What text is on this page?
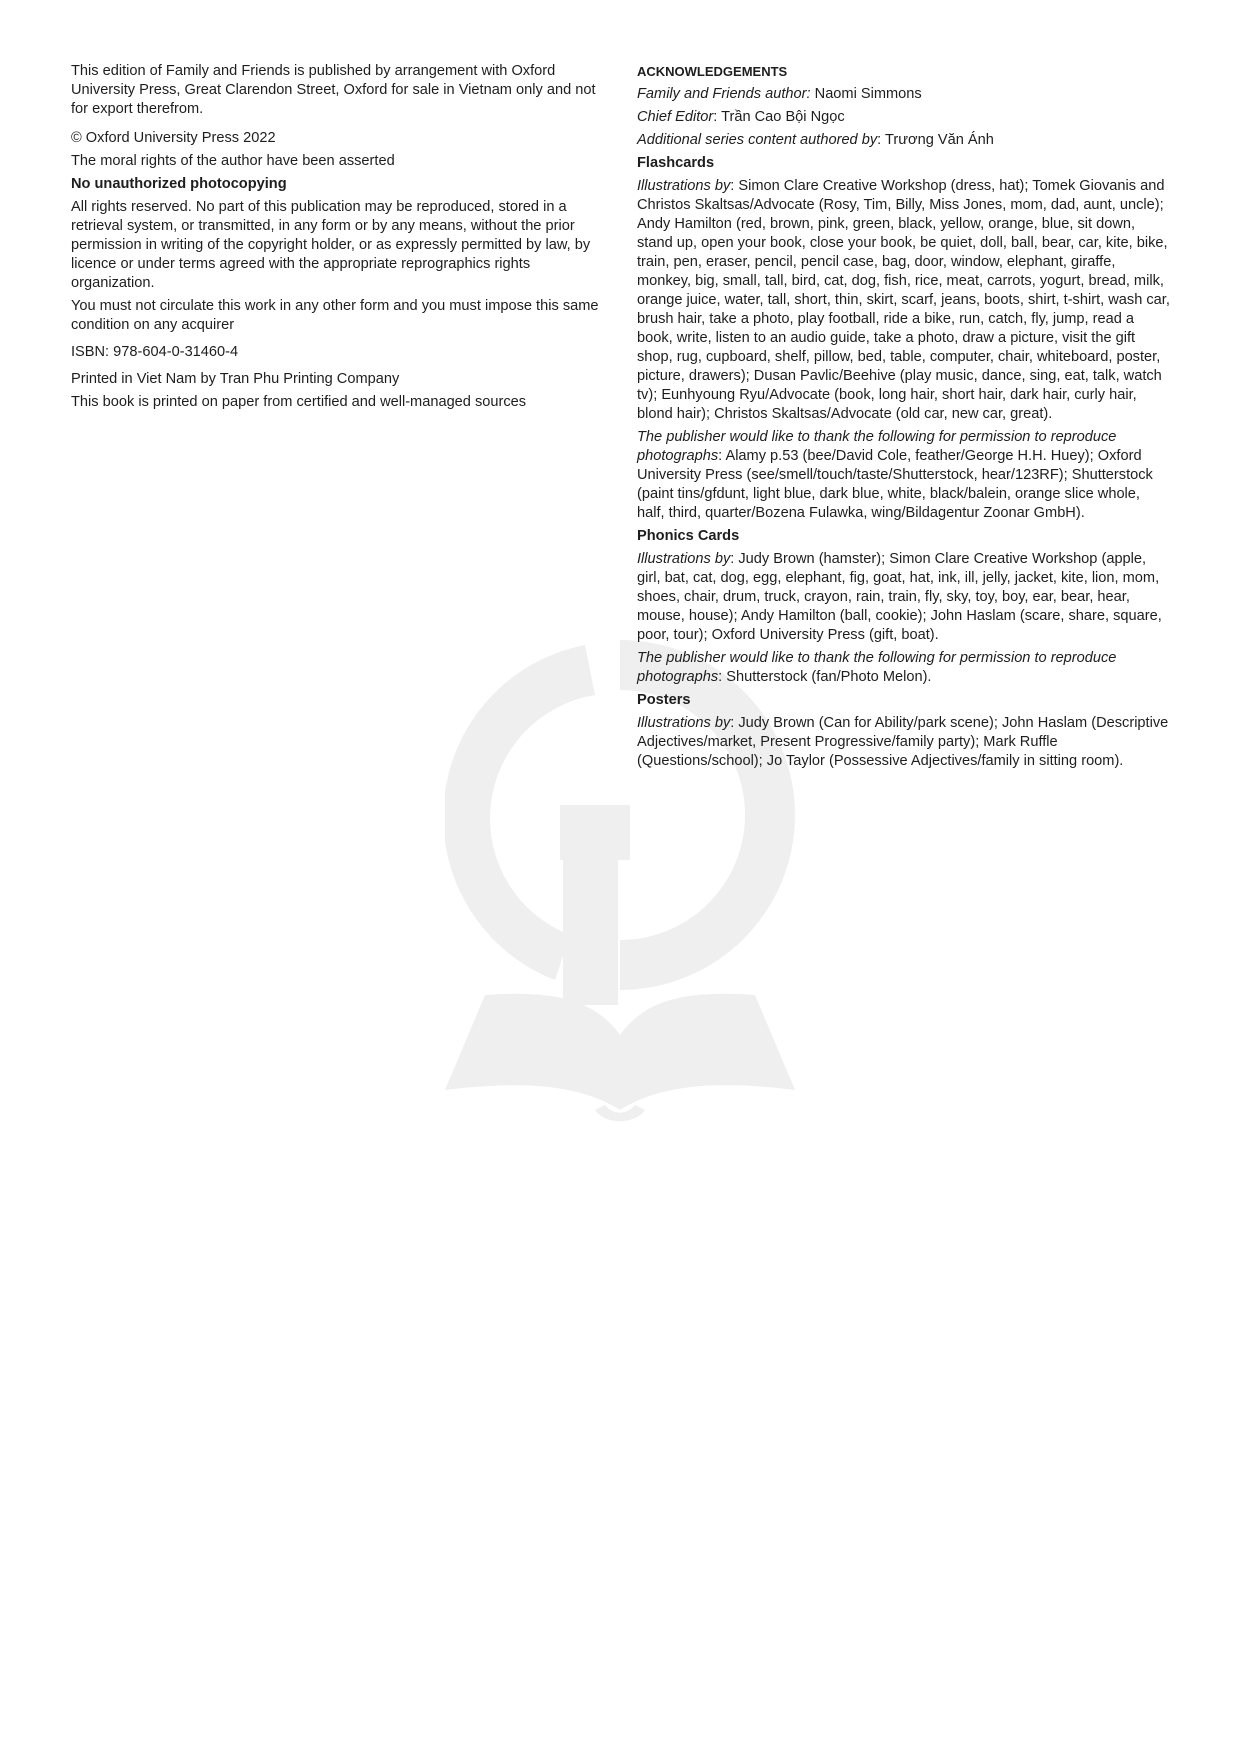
This edition of Family and Friends is published by arrangement with Oxford University Press, Great Clarendon Street, Oxford for sale in Vietnam only and not for export therefrom.

© Oxford University Press 2022

The moral rights of the author have been asserted

No unauthorized photocopying

All rights reserved. No part of this publication may be reproduced, stored in a retrieval system, or transmitted, in any form or by any means, without the prior permission in writing of the copyright holder, or as expressly permitted by law, by licence or under terms agreed with the appropriate reprographics rights organization.

You must not circulate this work in any other form and you must impose this same condition on any acquirer

ISBN: 978-604-0-31460-4

Printed in Viet Nam by Tran Phu Printing Company

This book is printed on paper from certified and well-managed sources

ACKNOWLEDGEMENTS

Family and Friends author: Naomi Simmons

Chief Editor: Trần Cao Bội Ngọc

Additional series content authored by: Trương Văn Ánh

Flashcards

Illustrations by: Simon Clare Creative Workshop (dress, hat); Tomek Giovanis and Christos Skaltsas/Advocate (Rosy, Tim, Billy, Miss Jones, mom, dad, aunt, uncle); Andy Hamilton (red, brown, pink, green, black, yellow, orange, blue, sit down, stand up, open your book, close your book, be quiet, doll, ball, bear, car, kite, bike, train, pen, eraser, pencil, pencil case, bag, door, window, elephant, giraffe, monkey, big, small, tall, bird, cat, dog, fish, rice, meat, carrots, yogurt, bread, milk, orange juice, water, tall, short, thin, skirt, scarf, jeans, boots, shirt, t-shirt, wash car, brush hair, take a photo, play football, ride a bike, run, catch, fly, jump, read a book, write, listen to an audio guide, take a photo, draw a picture, visit the gift shop, rug, cupboard, shelf, pillow, bed, table, computer, chair, whiteboard, poster, picture, drawers); Dusan Pavlic/Beehive (play music, dance, sing, eat, talk, watch tv); Eunhyoung Ryu/Advocate (book, long hair, short hair, dark hair, curly hair, blond hair); Christos Skaltsas/Advocate (old car, new car, great).

The publisher would like to thank the following for permission to reproduce photographs: Alamy p.53 (bee/David Cole, feather/George H.H. Huey); Oxford University Press (see/smell/touch/taste/Shutterstock, hear/123RF); Shutterstock (paint tins/gfdunt, light blue, dark blue, white, black/balein, orange slice whole, half, third, quarter/Bozena Fulawka, wing/Bildagentur Zoonar GmbH).

Phonics Cards

Illustrations by: Judy Brown (hamster); Simon Clare Creative Workshop (apple, girl, bat, cat, dog, egg, elephant, fig, goat, hat, ink, ill, jelly, jacket, kite, lion, mom, shoes, chair, drum, truck, crayon, rain, train, fly, sky, toy, boy, ear, bear, hear, mouse, house); Andy Hamilton (ball, cookie); John Haslam (scare, share, square, poor, tour); Oxford University Press (gift, boat).

The publisher would like to thank the following for permission to reproduce photographs: Shutterstock (fan/Photo Melon).

Posters

Illustrations by: Judy Brown (Can for Ability/park scene); John Haslam (Descriptive Adjectives/market, Present Progressive/family party); Mark Ruffle (Questions/school); Jo Taylor (Possessive Adjectives/family in sitting room).
